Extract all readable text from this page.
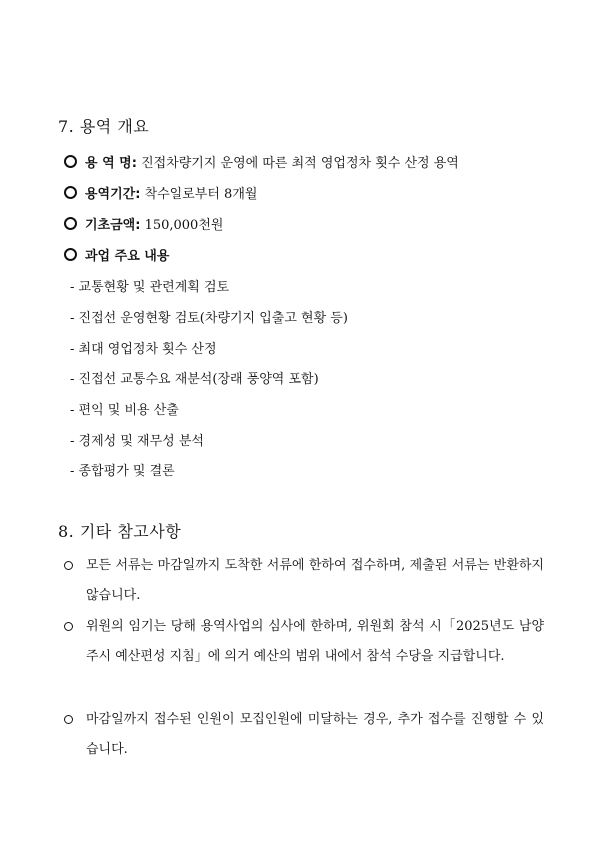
7. 용역 개요
용 역 명: 진접차량기지 운영에 따른 최적 영업정차 횟수 산정 용역
용역기간: 착수일로부터 8개월
기초금액: 150,000천원
과업 주요 내용
- 교통현황 및 관련계획 검토
- 진접선 운영현황 검토(차량기지 입출고 현황 등)
- 최대 영업정차 횟수 산정
- 진접선 교통수요 재분석(장래 풍양역 포함)
- 편익 및 비용 산출
- 경제성 및 재무성 분석
- 종합평가 및 결론
8. 기타 참고사항
모든 서류는 마감일까지 도착한 서류에 한하여 접수하며, 제출된 서류는 반환하지 않습니다.
위원의 임기는 당해 용역사업의 심사에 한하며, 위원회 참석 시「2025년도 남양주시 예산편성 지침」에 의거 예산의 범위 내에서 참석 수당을 지급합니다.
마감일까지 접수된 인원이 모집인원에 미달하는 경우, 추가 접수를 진행할 수 있습니다.
